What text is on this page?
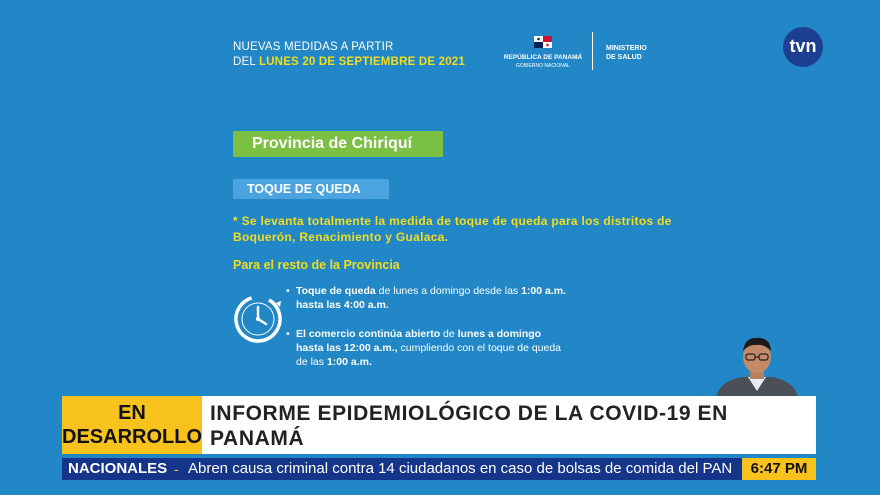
NUEVAS MEDIDAS A PARTIR
DEL LUNES 20 DE SEPTIEMBRE DE 2021	REPÚBLICA DE PANAMÁ
GOBIERNO NACIONAL
MINISTERIO
DE SALUD
tvn
Provincia de Chiriquí
TOQUE DE QUEDA
* Se levanta totalmente la medida de toque de queda para los distritos de Boquerón, Renacimiento y Gualaca.
Para el resto de la Provincia
• Toque de queda de lunes a domingo desde las 1:00 a.m.
hasta las 4:00 a.m.
• El comercio continúa abierto de lunes a domingo
hasta las 12:00 a.m., cumpliendo con el toque de queda
de las 1:00 a.m.
EN
DESARROLLO
INFORME EPIDEMIOLÓGICO DE LA COVID-19 EN
PANAMÁ
NACIONALES - Abren causa criminal contra 14 ciudadanos en caso de bolsas de comida del PAN	6:47 PM
